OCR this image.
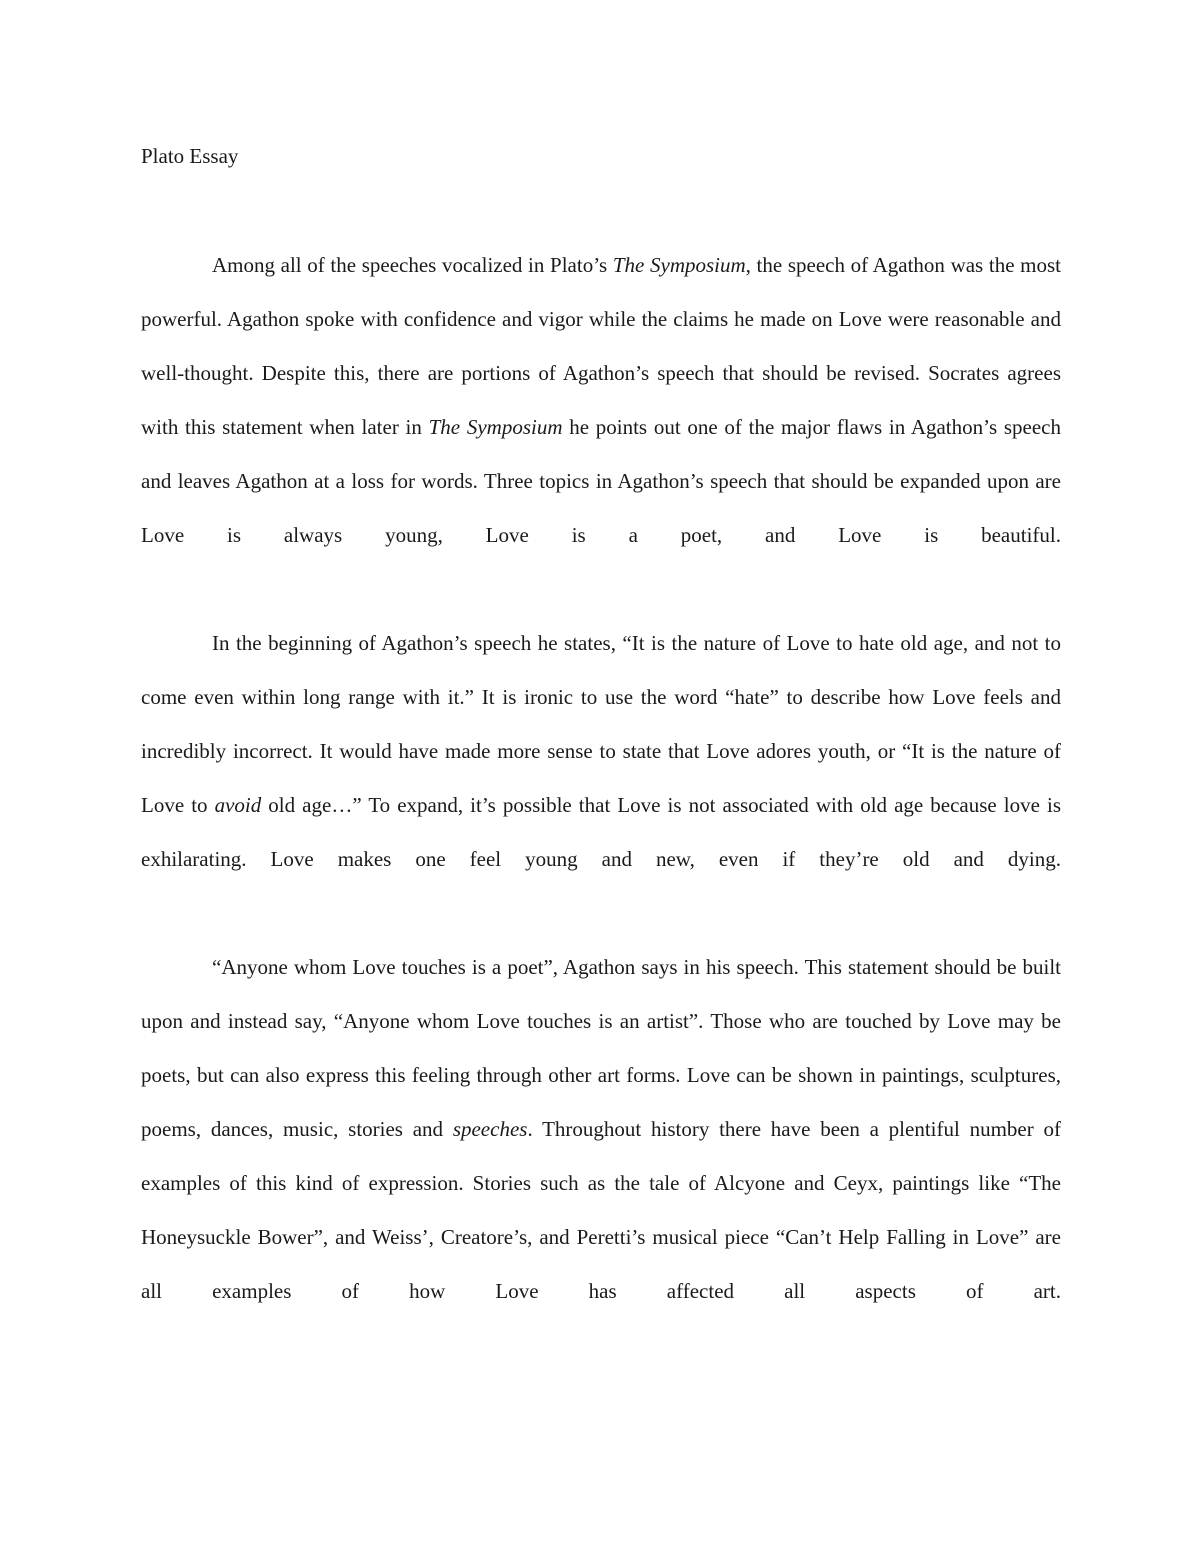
Plato Essay

Among all of the speeches vocalized in Plato’s The Symposium, the speech of Agathon was the most powerful. Agathon spoke with confidence and vigor while the claims he made on Love were reasonable and well-thought. Despite this, there are portions of Agathon’s speech that should be revised. Socrates agrees with this statement when later in The Symposium he points out one of the major flaws in Agathon’s speech and leaves Agathon at a loss for words. Three topics in Agathon’s speech that should be expanded upon are Love is always young, Love is a poet, and Love is beautiful.

In the beginning of Agathon’s speech he states, “It is the nature of Love to hate old age, and not to come even within long range with it.” It is ironic to use the word “hate” to describe how Love feels and incredibly incorrect. It would have made more sense to state that Love adores youth, or “It is the nature of Love to avoid old age…” To expand, it’s possible that Love is not associated with old age because love is exhilarating. Love makes one feel young and new, even if they’re old and dying.

“Anyone whom Love touches is a poet”, Agathon says in his speech. This statement should be built upon and instead say, “Anyone whom Love touches is an artist”. Those who are touched by Love may be poets, but can also express this feeling through other art forms. Love can be shown in paintings, sculptures, poems, dances, music, stories and speeches. Throughout history there have been a plentiful number of examples of this kind of expression. Stories such as the tale of Alcyone and Ceyx, paintings like “The Honeysuckle Bower”, and Weiss’, Creatore’s, and Peretti’s musical piece “Can’t Help Falling in Love” are all examples of how Love has affected all aspects of art.
